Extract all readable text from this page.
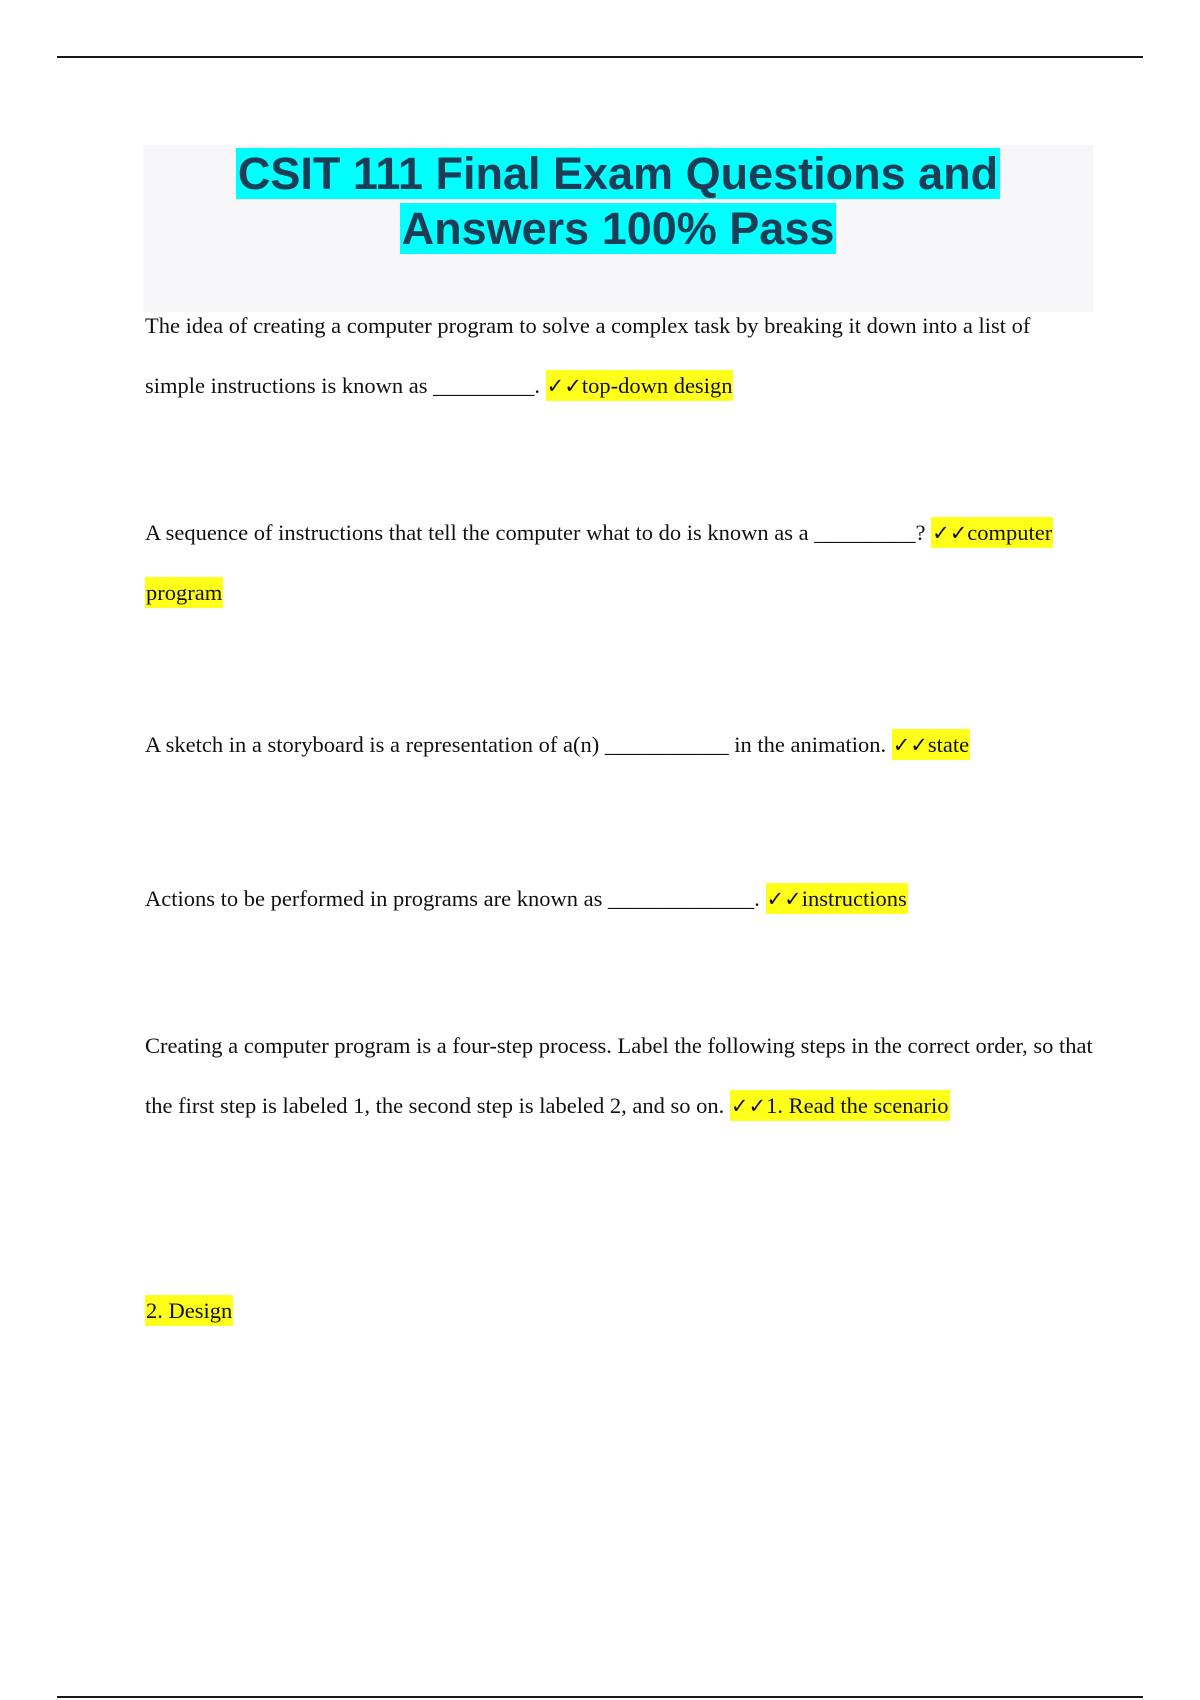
CSIT 111 Final Exam Questions and Answers 100% Pass

The idea of creating a computer program to solve a complex task by breaking it down into a list of simple instructions is known as _________. ✓✓top-down design

A sequence of instructions that tell the computer what to do is known as a _________? ✓✓computer program

A sketch in a storyboard is a representation of a(n) ___________ in the animation. ✓✓state

Actions to be performed in programs are known as _____________. ✓✓instructions

Creating a computer program is a four-step process. Label the following steps in the correct order, so that the first step is labeled 1, the second step is labeled 2, and so on. ✓✓1. Read the scenario

2. Design
